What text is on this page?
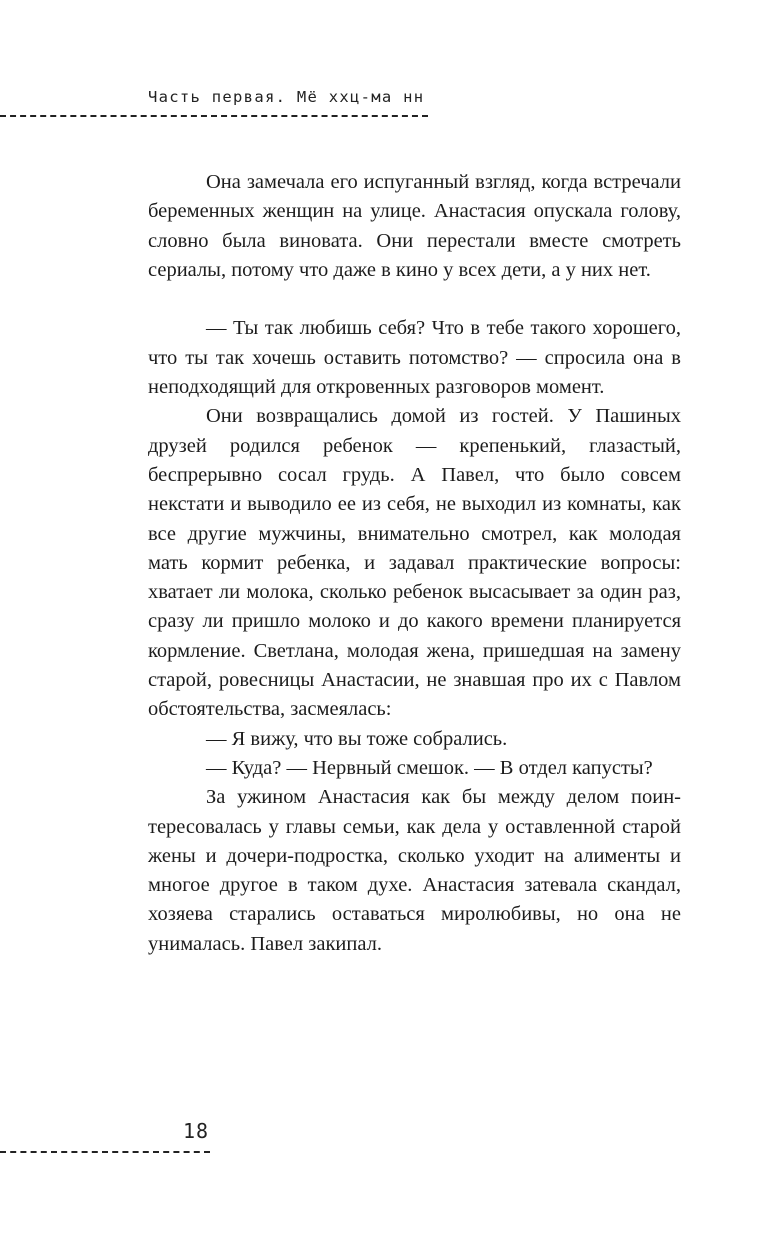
Часть первая. Мё ххц-ма нн

Она замечала его испуганный взгляд, когда встречали беременных женщин на улице. Анастасия опускала голову, словно была виновата. Они перестали вместе смотреть сериалы, потому что даже в кино у всех дети, а у них нет.

— Ты так любишь себя? Что в тебе такого хорошего, что ты так хочешь оставить потомство? — спросила она в неподходящий для откровенных разговоров момент.

Они возвращались домой из гостей. У Пашиных друзей родился ребенок — крепенький, глазастый, беспрерывно сосал грудь. А Павел, что было совсем некстати и выводило ее из себя, не выходил из комнаты, как все другие мужчины, внимательно смотрел, как молодая мать кормит ребенка, и задавал практические вопросы: хватает ли молока, сколько ребенок высасывает за один раз, сразу ли пришло молоко и до какого времени планируется кормление. Светлана, молодая жена, пришедшая на замену старой, ровесницы Анастасии, не знавшая про их с Павлом обстоятельства, засмеялась:

— Я вижу, что вы тоже собрались.

— Куда? — Нервный смешок. — В отдел капусты?

За ужином Анастасия как бы между делом поинтересовалась у главы семьи, как дела у оставленной старой жены и дочери-подростка, сколько уходит на алименты и многое другое в таком духе. Анастасия затевала скандал, хозяева старались оставаться миролюбивы, но она не унималась. Павел закипал.

18
